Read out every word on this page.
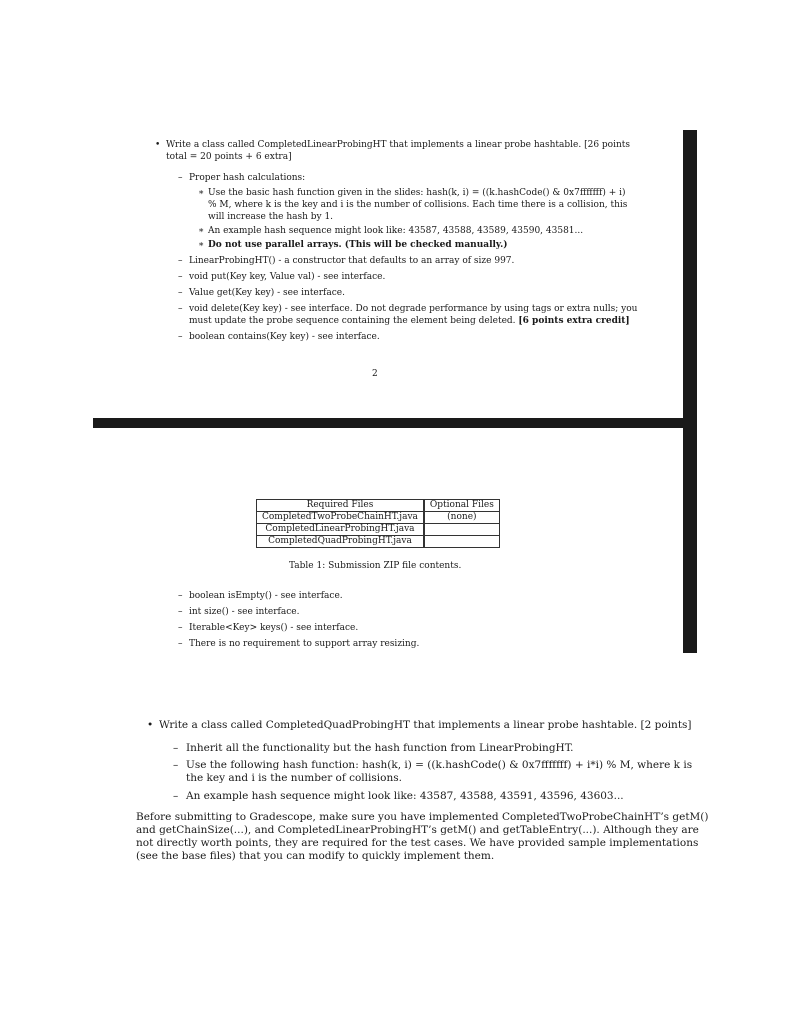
• Write a class called CompletedLinearProbingHT that implements a linear probe hashtable. [26 points
total = 20 points + 6 extra]
– Proper hash calculations:
∗ Use the basic hash function given in the slides: hash(k, i) = ((k.hashCode() & 0x7fffffff) + i)
% M, where k is the key and i is the number of collisions. Each time there is a collision, this
will increase the hash by 1.
∗ An example hash sequence might look like: 43587, 43588, 43589, 43590, 43581...
∗ Do not use parallel arrays. (This will be checked manually.)
– LinearProbingHT() - a constructor that defaults to an array of size 997.
– void put(Key key, Value val) - see interface.
– Value get(Key key) - see interface.
– void delete(Key key) - see interface. Do not degrade performance by using tags or extra nulls; you
must update the probe sequence containing the element being deleted. [6 points extra credit]
– boolean contains(Key key) - see interface.
2
Required Files	Optional Files
CompletedTwoProbeChainHT.java	(none)
CompletedLinearProbingHT.java	
CompletedQuadProbingHT.java	
Table 1: Submission ZIP file contents.
– boolean isEmpty() - see interface.
– int size() - see interface.
– Iterable<Key> keys() - see interface.
– There is no requirement to support array resizing.
• Write a class called CompletedQuadProbingHT that implements a linear probe hashtable. [2 points]
– Inherit all the functionality but the hash function from LinearProbingHT.
– Use the following hash function: hash(k, i) = ((k.hashCode() & 0x7fffffff) + i*i) % M, where k is
the key and i is the number of collisions.
– An example hash sequence might look like: 43587, 43588, 43591, 43596, 43603...
Before submitting to Gradescope, make sure you have implemented CompletedTwoProbeChainHT’s getM()
and getChainSize(...), and CompletedLinearProbingHT’s getM() and getTableEntry(...). Although they are
not directly worth points, they are required for the test cases. We have provided sample implementations
(see the base files) that you can modify to quickly implement them.
